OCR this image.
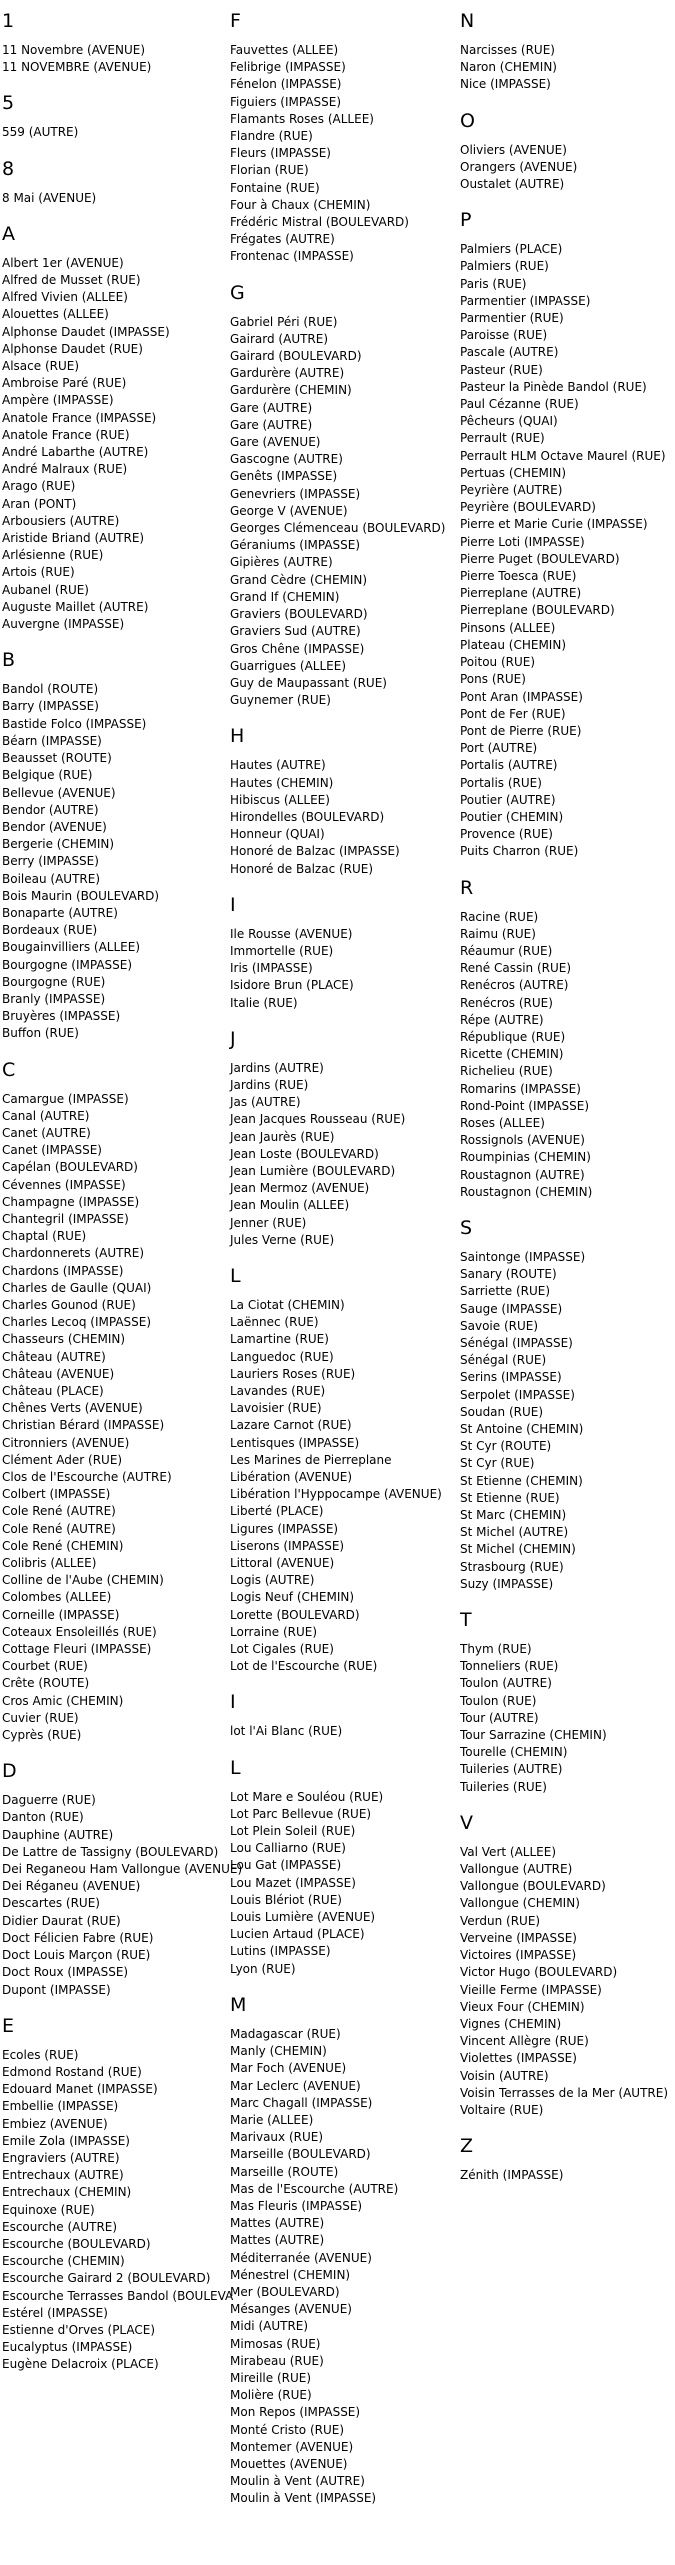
1
11 Novembre (AVENUE)
11 NOVEMBRE (AVENUE)
5
559 (AUTRE)
8
8 Mai (AVENUE)
A
Albert 1er (AVENUE)
Alfred de Musset (RUE)
Alfred Vivien (ALLEE)
Alouettes (ALLEE)
Alphonse Daudet (IMPASSE)
Alphonse Daudet (RUE)
Alsace (RUE)
Ambroise Paré (RUE)
Ampère (IMPASSE)
Anatole France (IMPASSE)
Anatole France (RUE)
André Labarthe (AUTRE)
André Malraux (RUE)
Arago (RUE)
Aran (PONT)
Arbousiers (AUTRE)
Aristide Briand (AUTRE)
Arlésienne (RUE)
Artois (RUE)
Aubanel (RUE)
Auguste Maillet (AUTRE)
Auvergne (IMPASSE)
B
Bandol (ROUTE)
Barry (IMPASSE)
Bastide Folco (IMPASSE)
Béarn (IMPASSE)
Beausset (ROUTE)
Belgique (RUE)
Bellevue (AVENUE)
Bendor (AUTRE)
Bendor (AVENUE)
Bergerie (CHEMIN)
Berry (IMPASSE)
Boileau (AUTRE)
Bois Maurin (BOULEVARD)
Bonaparte (AUTRE)
Bordeaux (RUE)
Bougainvilliers (ALLEE)
Bourgogne (IMPASSE)
Bourgogne (RUE)
Branly (IMPASSE)
Bruyères (IMPASSE)
Buffon (RUE)
C
Camargue (IMPASSE)
Canal (AUTRE)
Canet (AUTRE)
Canet (IMPASSE)
Capélan (BOULEVARD)
Cévennes (IMPASSE)
Champagne (IMPASSE)
Chantegril (IMPASSE)
Chaptal (RUE)
Chardonnerets (AUTRE)
Chardons (IMPASSE)
Charles de Gaulle (QUAI)
Charles Gounod (RUE)
Charles Lecoq (IMPASSE)
Chasseurs (CHEMIN)
Château (AUTRE)
Château (AVENUE)
Château (PLACE)
Chênes Verts (AVENUE)
Christian Bérard (IMPASSE)
Citronniers (AVENUE)
Clément Ader (RUE)
Clos de l'Escourche (AUTRE)
Colbert (IMPASSE)
Cole René (AUTRE)
Cole René (AUTRE)
Cole René (CHEMIN)
Colibris (ALLEE)
Colline de l'Aube (CHEMIN)
Colombes (ALLEE)
Corneille (IMPASSE)
Coteaux Ensoleillés (RUE)
Cottage Fleuri (IMPASSE)
Courbet (RUE)
Crête (ROUTE)
Cros Amic (CHEMIN)
Cuvier (RUE)
Cyprès (RUE)
D
Daguerre (RUE)
Danton (RUE)
Dauphine (AUTRE)
De Lattre de Tassigny (BOULEVARD)
Dei Reganeou Ham Vallongue (AVENUE)
Dei Réganeu (AVENUE)
Descartes (RUE)
Didier Daurat (RUE)
Doct Félicien Fabre (RUE)
Doct Louis Marçon (RUE)
Doct Roux (IMPASSE)
Dupont (IMPASSE)
E
Ecoles (RUE)
Edmond Rostand (RUE)
Edouard Manet (IMPASSE)
Embellie (IMPASSE)
Embiez (AVENUE)
Emile Zola (IMPASSE)
Engraviers (AUTRE)
Entrechaux (AUTRE)
Entrechaux (CHEMIN)
Equinoxe (RUE)
Escourche (AUTRE)
Escourche (BOULEVARD)
Escourche (CHEMIN)
Escourche Gairard 2 (BOULEVARD)
Escourche Terrasses Bandol (BOULEVA
Estérel (IMPASSE)
Estienne d'Orves (PLACE)
Eucalyptus (IMPASSE)
Eugène Delacroix (PLACE)
F
Fauvettes (ALLEE)
Felibrige (IMPASSE)
Fénelon (IMPASSE)
Figuiers (IMPASSE)
Flamants Roses (ALLEE)
Flandre (RUE)
Fleurs (IMPASSE)
Florian (RUE)
Fontaine (RUE)
Four à Chaux (CHEMIN)
Frédéric Mistral (BOULEVARD)
Frégates (AUTRE)
Frontenac (IMPASSE)
G
Gabriel Péri (RUE)
Gairard (AUTRE)
Gairard (BOULEVARD)
Gardurère (AUTRE)
Gardurère (CHEMIN)
Gare (AUTRE)
Gare (AUTRE)
Gare (AVENUE)
Gascogne (AUTRE)
Genêts (IMPASSE)
Genevriers (IMPASSE)
George V (AVENUE)
Georges Clémenceau (BOULEVARD)
Géraniums (IMPASSE)
Gipières (AUTRE)
Grand Cèdre (CHEMIN)
Grand If (CHEMIN)
Graviers (BOULEVARD)
Graviers Sud (AUTRE)
Gros Chêne (IMPASSE)
Guarrigues (ALLEE)
Guy de Maupassant (RUE)
Guynemer (RUE)
H
Hautes (AUTRE)
Hautes (CHEMIN)
Hibiscus (ALLEE)
Hirondelles (BOULEVARD)
Honneur (QUAI)
Honoré de Balzac (IMPASSE)
Honoré de Balzac (RUE)
I
Ile Rousse (AVENUE)
Immortelle (RUE)
Iris (IMPASSE)
Isidore Brun (PLACE)
Italie (RUE)
J
Jardins (AUTRE)
Jardins (RUE)
Jas (AUTRE)
Jean Jacques Rousseau (RUE)
Jean Jaurès (RUE)
Jean Loste (BOULEVARD)
Jean Lumière (BOULEVARD)
Jean Mermoz (AVENUE)
Jean Moulin (ALLEE)
Jenner (RUE)
Jules Verne (RUE)
L
La Ciotat (CHEMIN)
Laënnec (RUE)
Lamartine (RUE)
Languedoc (RUE)
Lauriers Roses (RUE)
Lavandes (RUE)
Lavoisier (RUE)
Lazare Carnot (RUE)
Lentisques (IMPASSE)
Les Marines de Pierreplane
Libération (AVENUE)
Libération l'Hyppocampe (AVENUE)
Liberté (PLACE)
Ligures (IMPASSE)
Liserons (IMPASSE)
Littoral (AVENUE)
Logis (AUTRE)
Logis Neuf (CHEMIN)
Lorette (BOULEVARD)
Lorraine (RUE)
Lot Cigales (RUE)
Lot de l'Escourche (RUE)
I
lot l'Ai Blanc (RUE)
L
Lot Mare e Souléou (RUE)
Lot Parc Bellevue (RUE)
Lot Plein Soleil (RUE)
Lou Calliarno (RUE)
Lou Gat (IMPASSE)
Lou Mazet (IMPASSE)
Louis Blériot (RUE)
Louis Lumière (AVENUE)
Lucien Artaud (PLACE)
Lutins (IMPASSE)
Lyon (RUE)
M
Madagascar (RUE)
Manly (CHEMIN)
Mar Foch (AVENUE)
Mar Leclerc (AVENUE)
Marc Chagall (IMPASSE)
Marie (ALLEE)
Marivaux (RUE)
Marseille (BOULEVARD)
Marseille (ROUTE)
Mas de l'Escourche (AUTRE)
Mas Fleuris (IMPASSE)
Mattes (AUTRE)
Mattes (AUTRE)
Méditerranée (AVENUE)
Ménestrel (CHEMIN)
Mer (BOULEVARD)
Mésanges (AVENUE)
Midi (AUTRE)
Mimosas (RUE)
Mirabeau (RUE)
Mireille (RUE)
Molière (RUE)
Mon Repos (IMPASSE)
Monté Cristo (RUE)
Montemer (AVENUE)
Mouettes (AVENUE)
Moulin à Vent (AUTRE)
Moulin à Vent (IMPASSE)
N
Narcisses (RUE)
Naron (CHEMIN)
Nice (IMPASSE)
O
Oliviers (AVENUE)
Orangers (AVENUE)
Oustalet (AUTRE)
P
Palmiers (PLACE)
Palmiers (RUE)
Paris (RUE)
Parmentier (IMPASSE)
Parmentier (RUE)
Paroisse (RUE)
Pascale (AUTRE)
Pasteur (RUE)
Pasteur la Pinède Bandol (RUE)
Paul Cézanne (RUE)
Pêcheurs (QUAI)
Perrault (RUE)
Perrault HLM Octave Maurel (RUE)
Pertuas (CHEMIN)
Peyrière (AUTRE)
Peyrière (BOULEVARD)
Pierre et Marie Curie (IMPASSE)
Pierre Loti (IMPASSE)
Pierre Puget (BOULEVARD)
Pierre Toesca (RUE)
Pierreplane (AUTRE)
Pierreplane (BOULEVARD)
Pinsons (ALLEE)
Plateau (CHEMIN)
Poitou (RUE)
Pons (RUE)
Pont Aran (IMPASSE)
Pont de Fer (RUE)
Pont de Pierre (RUE)
Port (AUTRE)
Portalis (AUTRE)
Portalis (RUE)
Poutier (AUTRE)
Poutier (CHEMIN)
Provence (RUE)
Puits Charron (RUE)
R
Racine (RUE)
Raimu (RUE)
Réaumur (RUE)
René Cassin (RUE)
Renécros (AUTRE)
Renécros (RUE)
Répe (AUTRE)
République (RUE)
Ricette (CHEMIN)
Richelieu (RUE)
Romarins (IMPASSE)
Rond-Point (IMPASSE)
Roses (ALLEE)
Rossignols (AVENUE)
Roumpinias (CHEMIN)
Roustagnon (AUTRE)
Roustagnon (CHEMIN)
S
Saintonge (IMPASSE)
Sanary (ROUTE)
Sarriette (RUE)
Sauge (IMPASSE)
Savoie (RUE)
Sénégal (IMPASSE)
Sénégal (RUE)
Serins (IMPASSE)
Serpolet (IMPASSE)
Soudan (RUE)
St Antoine (CHEMIN)
St Cyr (ROUTE)
St Cyr (RUE)
St Etienne (CHEMIN)
St Etienne (RUE)
St Marc (CHEMIN)
St Michel (AUTRE)
St Michel (CHEMIN)
Strasbourg (RUE)
Suzy (IMPASSE)
T
Thym (RUE)
Tonneliers (RUE)
Toulon (AUTRE)
Toulon (RUE)
Tour (AUTRE)
Tour Sarrazine (CHEMIN)
Tourelle (CHEMIN)
Tuileries (AUTRE)
Tuileries (RUE)
V
Val Vert (ALLEE)
Vallongue (AUTRE)
Vallongue (BOULEVARD)
Vallongue (CHEMIN)
Verdun (RUE)
Verveine (IMPASSE)
Victoires (IMPASSE)
Victor Hugo (BOULEVARD)
Vieille Ferme (IMPASSE)
Vieux Four (CHEMIN)
Vignes (CHEMIN)
Vincent Allègre (RUE)
Violettes (IMPASSE)
Voisin (AUTRE)
Voisin Terrasses de la Mer (AUTRE)
Voltaire (RUE)
Z
Zénith (IMPASSE)
